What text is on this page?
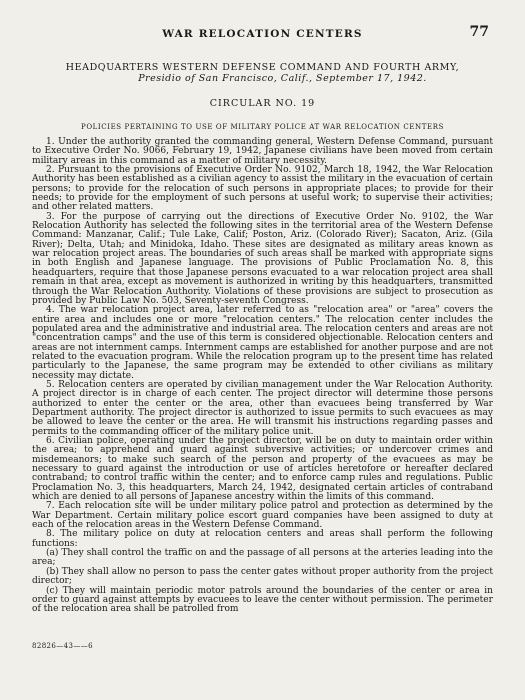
WAR RELOCATION CENTERS	77
HEADQUARTERS WESTERN DEFENSE COMMAND AND FOURTH ARMY,
Presidio of San Francisco, Calif., September 17, 1942.
CIRCULAR NO. 19
POLICIES PERTAINING TO USE OF MILITARY POLICE AT WAR RELOCATION CENTERS

1. Under the authority granted the commanding general, Western Defense Command, pursuant to Executive Order No. 9066, February 19, 1942, Japanese civilians have been moved from certain military areas in this command as a matter of military necessity.

2. Pursuant to the provisions of Executive Order No. 9102, March 18, 1942, the War Relocation Authority has been established as a civilian agency to assist the military in the evacuation of certain persons; to provide for the relocation of such persons in appropriate places; to provide for their needs; to provide for the employment of such persons at useful work; to supervise their activities; and other related matters.

3. For the purpose of carrying out the directions of Executive Order No. 9102, the War Relocation Authority has selected the following sites in the territorial area of the Western Defense Command: Manzanar, Calif.; Tule Lake, Calif; Poston, Ariz. (Colorado River); Sacaton, Ariz. (Gila River); Delta, Utah; and Minidoka, Idaho. These sites are designated as military areas known as war relocation project areas. The boundaries of such areas shall be marked with appropriate signs in both English and Japanese language. The provisions of Public Proclamation No. 8, this headquarters, require that those Japanese persons evacuated to a war relocation project area shall remain in that area, except as movement is authorized in writing by this headquarters, transmitted through the War Relocation Authority. Violations of these provisions are subject to prosecution as provided by Public Law No. 503, Seventy-seventh Congress.

4. The war relocation project area, later referred to as "relocation area" or "area" covers the entire area and includes one or more "relocation centers." The relocation center includes the populated area and the administrative and industrial area. The relocation centers and areas are not "concentration camps" and the use of this term is considered objectionable. Relocation centers and areas are not internment camps. Internment camps are established for another purpose and are not related to the evacuation program. While the relocation program up to the present time has related particularly to the Japanese, the same program may be extended to other civilians as military necessity may dictate.

5. Relocation centers are operated by civilian management under the War Relocation Authority. A project director is in charge of each center. The project director will determine those persons authorized to enter the center or the area, other than evacuees being transferred by War Department authority. The project director is authorized to issue permits to such evacuees as may be allowed to leave the center or the area. He will transmit his instructions regarding passes and permits to the commanding officer of the military police unit.

6. Civilian police, operating under the project director, will be on duty to maintain order within the area; to apprehend and guard against subversive activities; or undercover crimes and misdemeanors; to make such search of the person and property of the evacuees as may be necessary to guard against the introduction or use of articles heretofore or hereafter declared contraband; to control traffic within the center; and to enforce camp rules and regulations. Public Proclamation No. 3, this headquarters, March 24, 1942, designated certain articles of contraband which are denied to all persons of Japanese ancestry within the limits of this command.

7. Each relocation site will be under military police patrol and protection as determined by the War Department. Certain military police escort guard companies have been assigned to duty at each of the relocation areas in the Western Defense Command.

8. The military police on duty at relocation centers and areas shall perform the following functions:

(a) They shall control the traffic on and the passage of all persons at the arteries leading into the area;

(b) They shall allow no person to pass the center gates without proper authority from the project director;

(c) They will maintain periodic motor patrols around the boundaries of the center or area in order to guard against attempts by evacuees to leave the center without permission. The perimeter of the relocation area shall be patrolled from

82826—43——6
